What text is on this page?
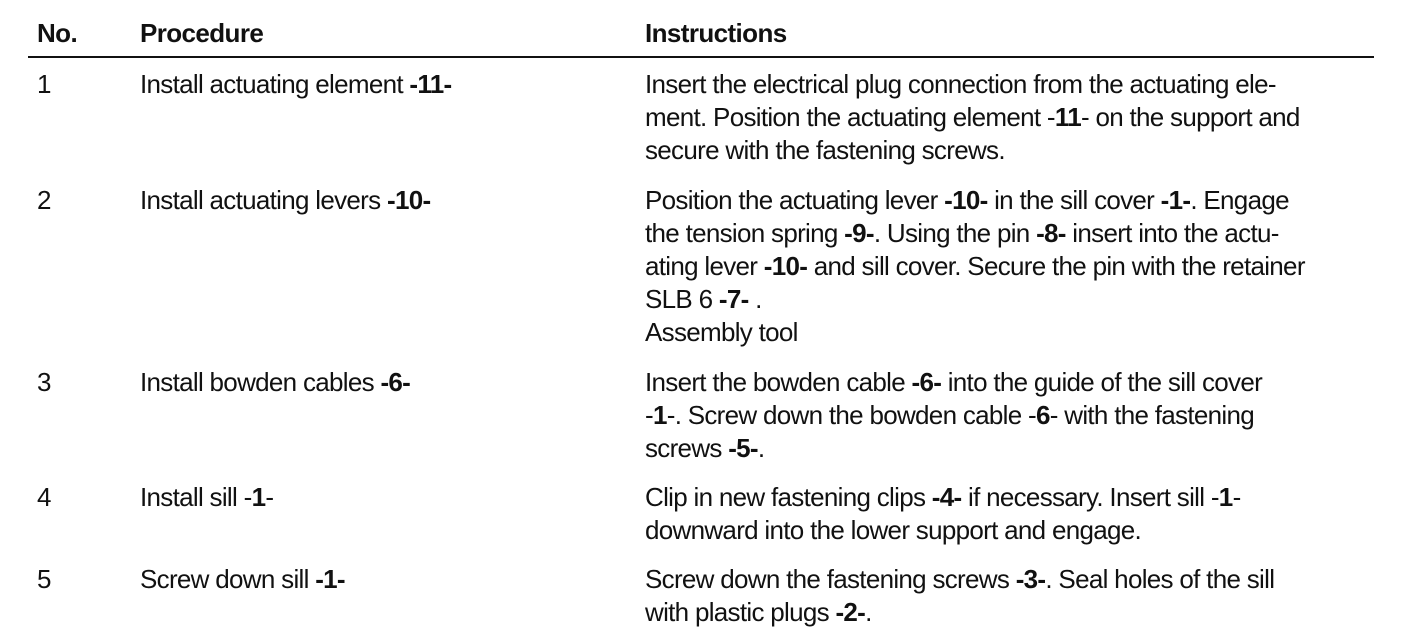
No. Procedure	Instructions
1	Install actuating element -11-	Insert the electrical plug connection from the actuating ele-
ment. Position the actuating element -11- on the support and
secure with the fastening screws.
2	Install actuating levers -10-	Position the actuating lever -10- in the sill cover -1-. Engage
the tension spring -9-. Using the pin -8- insert into the actu-
ating lever -10- and sill cover. Secure the pin with the retainer
SLB 6 -7- .
Assembly tool
3	Install bowden cables -6-	Insert the bowden cable -6- into the guide of the sill cover
-1-. Screw down the bowden cable -6- with the fastening
screws -5-.
4	Install sill -1-	Clip in new fastening clips -4- if necessary. Insert sill -1-
downward into the lower support and engage.
5	Screw down sill -1-	Screw down the fastening screws -3-. Seal holes of the sill
with plastic plugs -2-.
